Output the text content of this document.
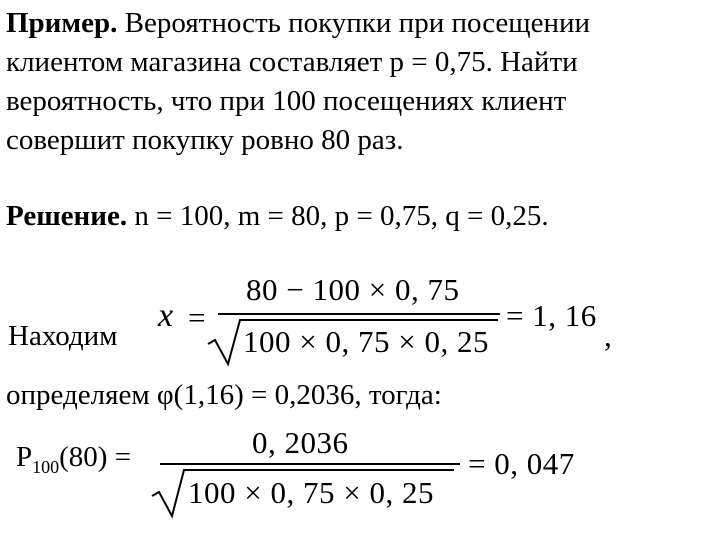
Пример. Вероятность покупки при посещении
клиентом магазина составляет р = 0,75. Найти
вероятность, что при 100 посещениях клиент
совершит покупку ровно 80 раз.
Решение. n = 100, m = 80, p = 0,75, q = 0,25.
Находим
x =
80 − 100 × 0, 75
100 × 0, 75 × 0, 25
= 1, 16
,
определяем φ(1,16) = 0,2036, тогда:
$P_{100}(80)$ =	0, 2036
100 × 0, 75 × 0, 25
= 0, 047
